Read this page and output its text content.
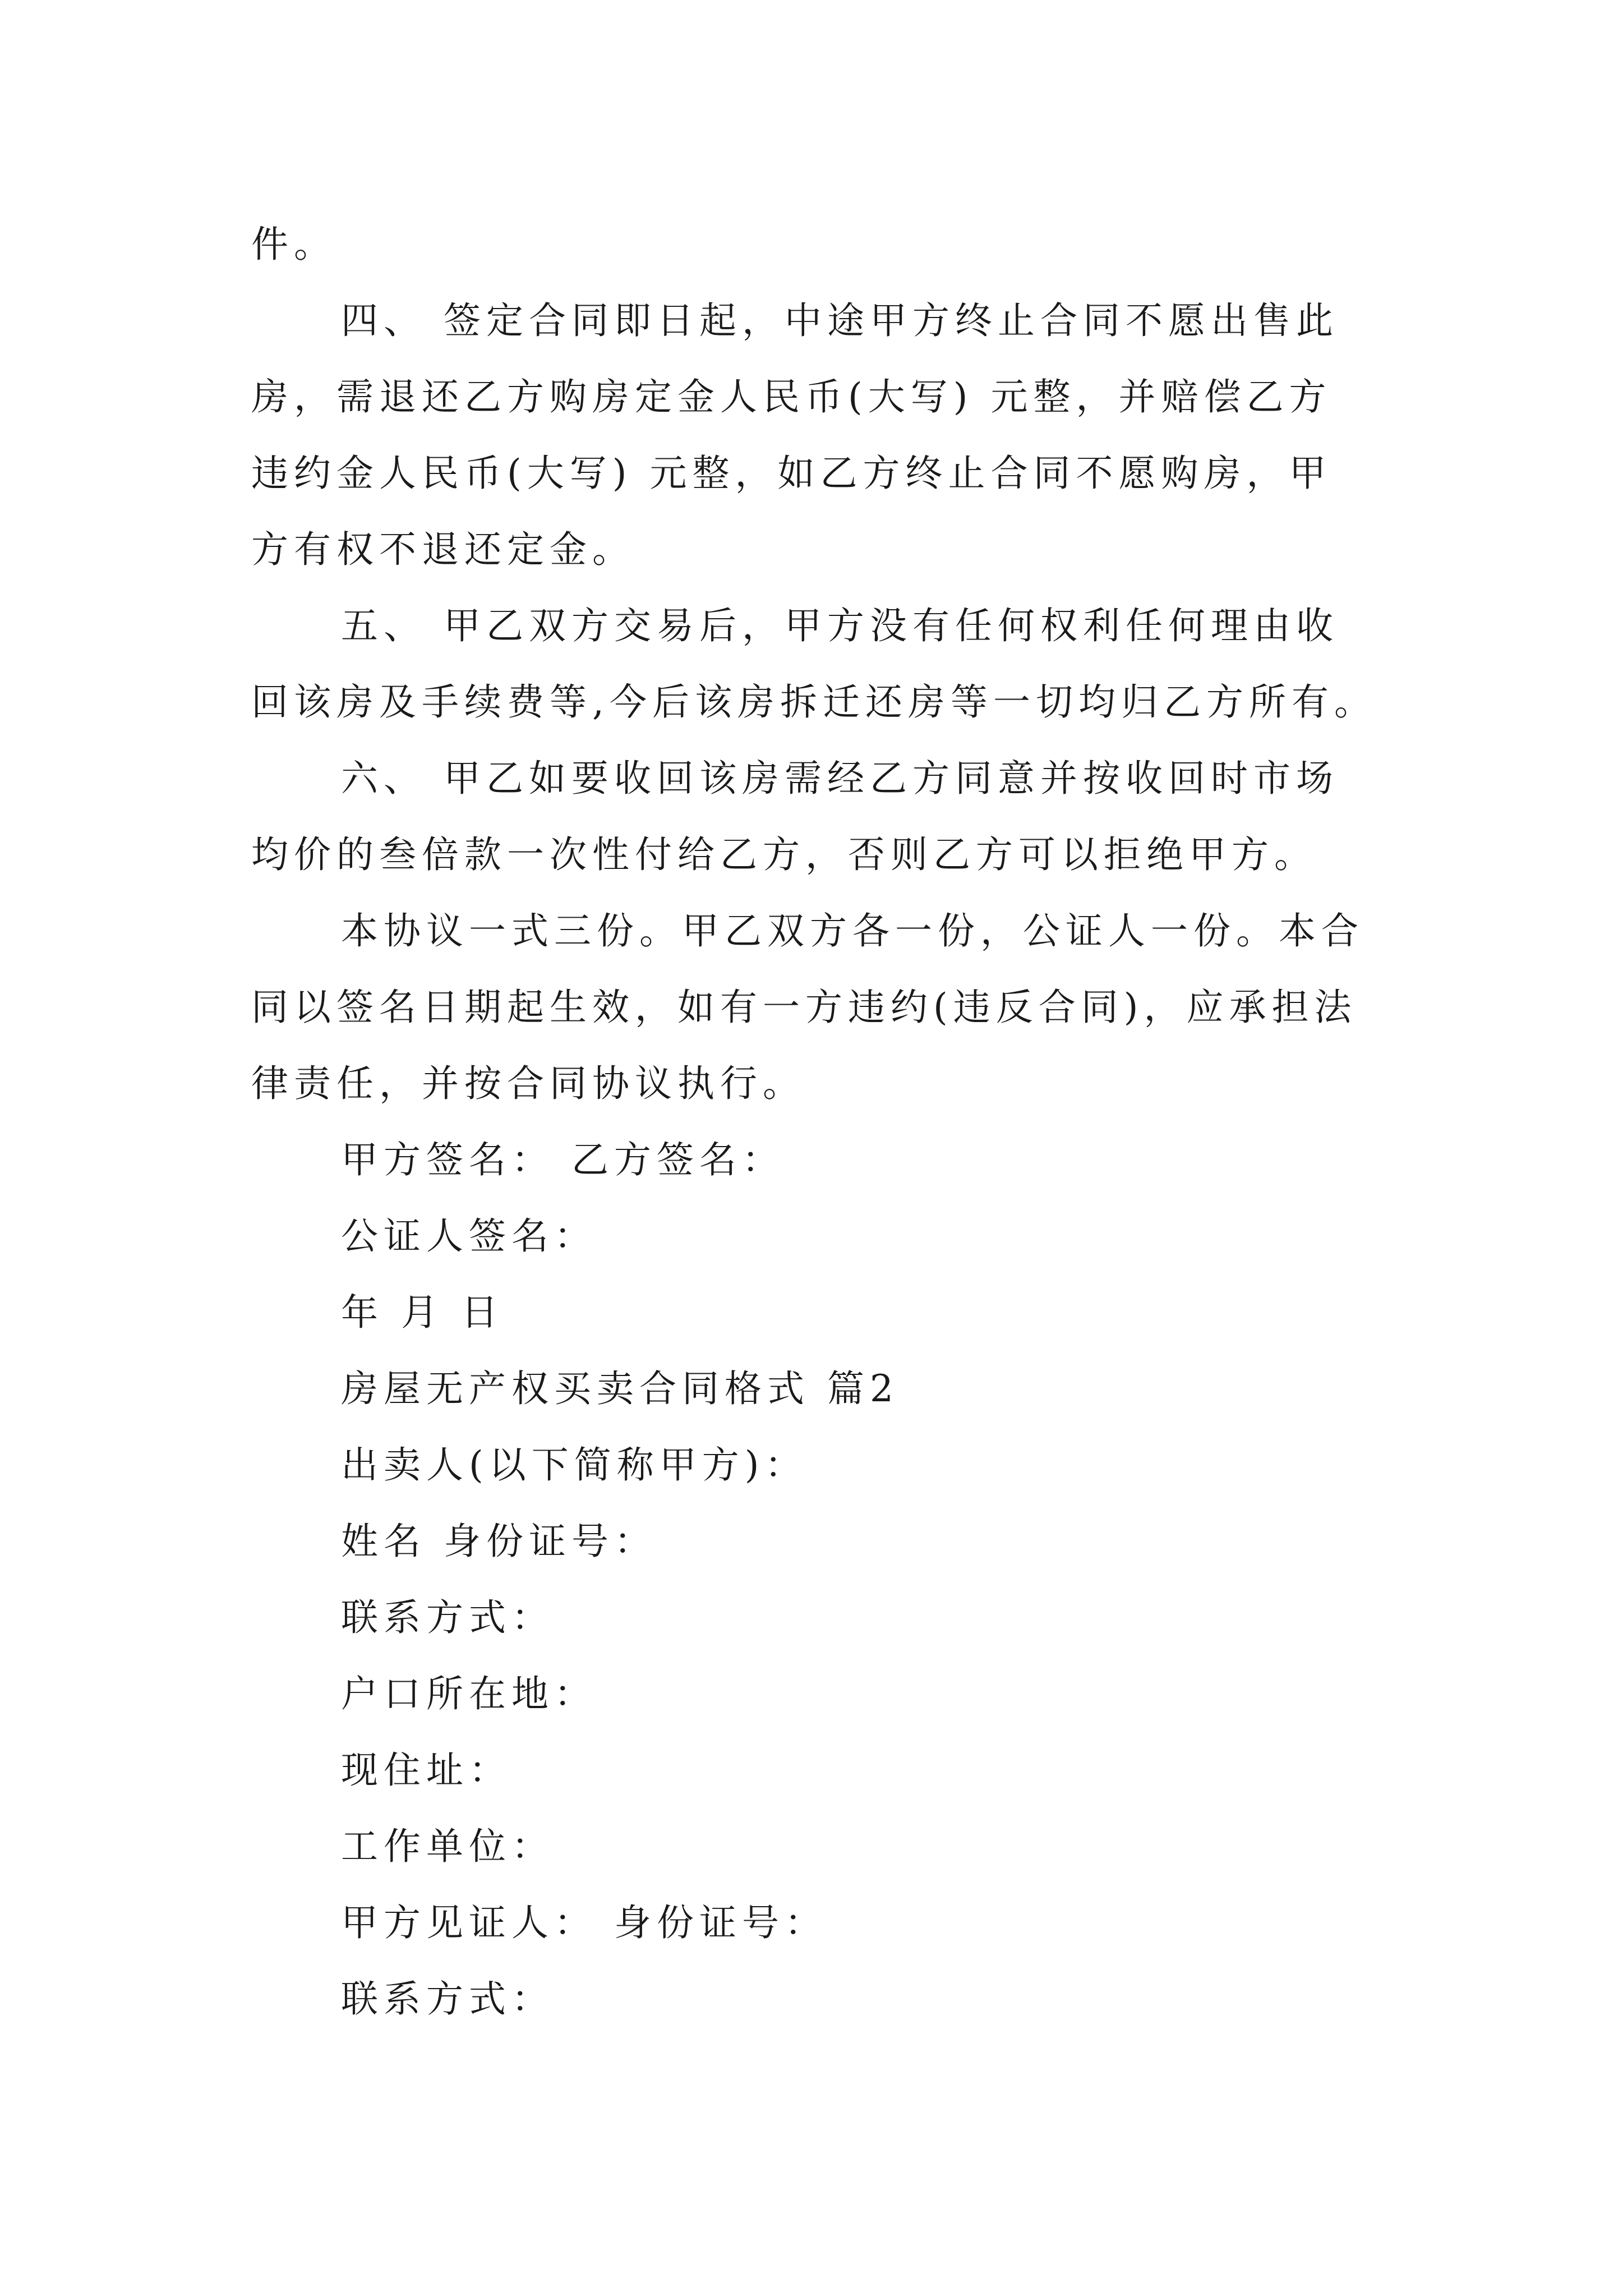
件。
四、 签定合同即日起，中途甲方终止合同不愿出售此
房，需退还乙方购房定金人民币(大写) 元整，并赔偿乙方
违约金人民币(大写) 元整，如乙方终止合同不愿购房，甲
方有权不退还定金。
五、 甲乙双方交易后，甲方没有任何权利任何理由收
回该房及手续费等,今后该房拆迁还房等一切均归乙方所有。
六、 甲乙如要收回该房需经乙方同意并按收回时市场
均价的叁倍款一次性付给乙方，否则乙方可以拒绝甲方。
本协议一式三份。甲乙双方各一份，公证人一份。本合
同以签名日期起生效，如有一方违约(违反合同)，应承担法
律责任，并按合同协议执行。
甲方签名： 乙方签名：
公证人签名：
年 月 日
房屋无产权买卖合同格式 篇2
出卖人(以下简称甲方)：
姓名 身份证号：
联系方式：
户口所在地：
现住址：
工作单位：
甲方见证人： 身份证号：
联系方式：
